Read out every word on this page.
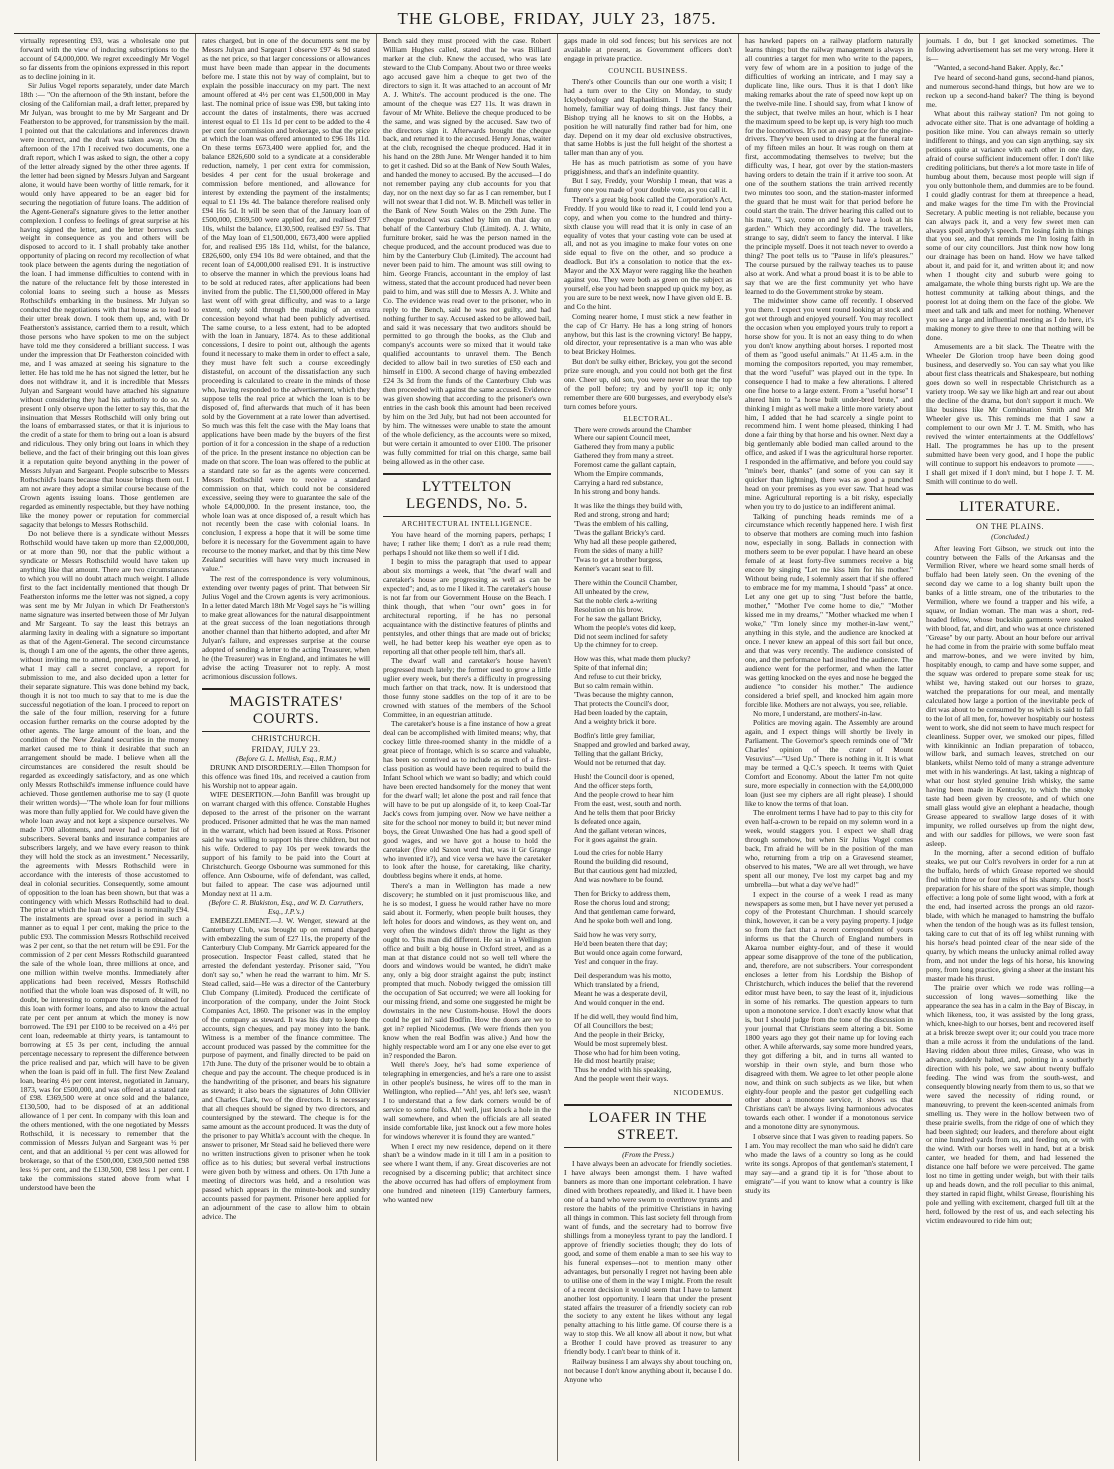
THE GLOBE, FRIDAY, JULY 23, 1875.

virtually representing £93, was a wholesale one put forward with the view of inducing subscriptions to the account of £4,000,000. We regret exceedingly Mr Vogel so far dissents from the opinions expressed in this report as to decline joining in it.

Sir Julius Vogel reports separately, under date March 18th :— "On the afternoon of the 9th instant, before the closing of the Californian mail, a draft letter, prepared by Mr Julyan, was brought to me by Mr Sargeant and Dr Featherston to be approved, for transmission by the mail. I pointed out that the calculations and inferences drawn were incorrect, and the draft was taken away. On the afternoon of the 17th I received two documents, one a draft report, which I was asked to sign, the other a copy of the letter already signed by the other three agents. If the letter had been signed by Messrs Julyan and Sargeant alone, it would have been worthy of little remark, for it would only have appeared to be an eager bid for securing the negotiation of future loans. The addition of the Agent-General's signature gives to the letter another complexion. I confess to feelings of great surprise at his having signed the letter, and the letter borrows such weight in consequence as you and others will be disposed to accord to it. I shall probably take another opportunity of placing on record my recollection of what took place between the agents during the negotiation of the loan. I had immense difficulties to contend with in the nature of the reluctance felt by those interested in colonial loans to seeing such a house as Messrs Rothschild's embarking in the business. Mr Julyan so conducted the negotiations with that house as to lead to their utter break down. I took them up, and, with Dr Featherston's assistance, carried them to a result, which those persons who have spoken to me on the subject have told me they considered a brilliant success. I was under the impression that Dr Featherston coincided with me, and I was amazed at seeing his signature to the letter. He has told me he has not signed the letter, but he does not withdraw it, and it is incredible that Messrs Julyan and Sargeant would have attached his signature without considering they had his authority to do so. At present I only observe upon the letter to say this, that the insinuation that Messrs Rothschild will only bring out the loans of embarrassed states, or that it is injurious to the credit of a state for them to bring out a loan is absurd and ridiculous. They only bring out loans in which they believe, and the fact of their bringing out this loan gives it a reputation quite beyond anything in the power of Messrs Julyan and Sargeant. People subscribe to Messrs Rothschild's loans because that house brings them out. I am not aware they adopt a similar course because of the Crown agents issuing loans. Those gentlemen are regarded as eminently respectable, but they have nothing like the money power or reputation for commercial sagacity that belongs to Messrs Rothschild.

Do not believe there is a syndicate without Messrs Rothschild would have taken up more than £2,000,000, or at more than 90, nor that the public without a syndicate or Messrs Rothschild would have taken up anything like that amount. There are two circumstances to which you will no doubt attach much weight. I allude first to the fact incidentally mentioned that though Dr Featherston informs me the letter was not signed, a copy was sent me by Mr Julyan in which Dr Featherston's name signature was inserted between those of Mr Julyan and Mr Sargeant. To say the least this betrays an alarming laxity in dealing with a signature so important as that of the Agent-General. The second circumstance is, though I am one of the agents, the other three agents, without inviting me to attend, prepared or approved, in what I may call a secret conclave, a report for submission to me, and also decided upon a letter for their separate signature. This was done behind my back, though it is not too much to say that to me is due the successful negotiation of the loan. I proceed to report on the sale of the four million, reserving for a future occasion further remarks on the course adopted by the other agents. The large amount of the loan, and the condition of the New Zealand securities in the money market caused me to think it desirable that such an arrangement should be made. I believe when all the circumstances are considered the result should be regarded as exceedingly satisfactory, and as one which only Messrs Rothschild's immense influence could have achieved. Those gentlemen authorise me to say (I quote their written words)—"The whole loan for four millions was more than fully applied for. We could have given the whole loan away and not kept a sixpence ourselves. We made 1700 allotments, and never had a better list of subscribers. Several banks and insurance companies are subscribers largely, and we have every reason to think they will hold the stock as an investment." Necessarily, the agreements with Messrs Rothschild were in accordance with the interests of those accustomed to deal in colonial securities. Consequently, some amount of opposition to the loan has been shown, but that was a contingency with which Messrs Rothschild had to deal. The price at which the loan was issued is nominally £94. The instalments are spread over a period in such a manner as to equal 1 per cent, making the price to the public £93. The commission Messrs Rothschild received was 2 per cent, so that the net return will be £91. For the commission of 2 per cent Messrs Rothschild guaranteed the sale of the whole loan, three millions at once, and one million within twelve months. Immediately after applications had been received, Messrs Rothschild notified that the whole loan was disposed of. It will, no doubt, be interesting to compare the return obtained for this loan with former loans, and also to know the actual rate per cent per annum at which the money is now borrowed. The £91 per £100 to be received on a 4½ per cent loan, redeemable at thirty years, is tantamount to borrowing at £5 3s per cent, including the annual percentage necessary to represent the difference between the price realised and par, which will have to be given when the loan is paid off in full. The first New Zealand loan, bearing 4½ per cent interest, negotiated in January, 1873, was for £500,000, and was offered at a stated rate of £98. £369,500 were at once sold and the balance, £130,500, had to be disposed of at an additional allowance of 1 per cent. In company with this loan and the others mentioned, with the one negotiated by Messrs Rothschild, it is necessary to remember that the commission of Messrs Julyan and Sargeant was ½ per cent, and that an additional ½ per cent was allowed for brokerage, so that of the £500,000, £369,500 netted £98 less ½ per cent, and the £130,500, £98 less 1 per cent. I take the commissions stated above from what I understood have been the

rates charged, but in one of the documents sent me by Messrs Julyan and Sargeant I observe £97 4s 9d stated as the net price, so that larger concessions or allowances must have been made than appear in the documents before me. I state this not by way of complaint, but to explain the possible inaccuracy on my part. The next amount offered at 4½ per cent was £1,500,000 in May last. The nominal price of issue was £98, but taking into account the dates of instalments, there was accrued interest equal to £1 11s 1d per cent to be added to the 4 per cent for commission and brokerage, so that the price at which the loan was offered amounted to £96 18s 11d. On these terms £673,400 were applied for, and the balance £826,600 sold to a syndicate at a considerable reduction, namely, 1 per cent extra for commission, besides 4 per cent for the usual brokerage and commission before mentioned, and allowance for interest by extending the payment of the instalments; equal to £1 19s 4d. The balance therefore realised only £94 16s 5d. It will be seen that of the January loan of £500,000, £369,500 were applied for, and realised £97 10s, whilst the balance, £130,500, realised £97 5s. That of the May loan of £1,500,000, £673,400 were applied for, and realised £95 18s 11d, whilst, for the balance, £826,600, only £94 10s 8d were obtained, and that the recent loan of £4,000,000 realised £91. It is instructive to observe the manner in which the previous loans had to be sold at reduced rates, after applications had been invited from the public. The £1,500,000 offered in May last went off with great difficulty, and was to a large extent, only sold through the making of an extra concession beyond what had been publicly advertised. The same course, to a less extent, had to be adopted with the loan in January, 1874. As to these additional concessions, I desire to point out, although the agents found it necessary to make them in order to effect a sale, they must have felt such a course exceedingly distasteful, on account of the dissatisfaction any such proceeding is calculated to create in the minds of those who, having responded to the advertisement, which they suppose tells the real price at which the loan is to be disposed of, find afterwards that much of it has been sold by the Government at a rate lower than advertised. So much was this felt the case with the May loans that applications have been made by the buyers of the first portion of it for a concession in the shape of a reduction of the price. In the present instance no objection can be made on that score. The loan was offered to the public at a standard rate so far as the agents were concerned. Messrs Rothschild were to receive a standard commission on that, which could not be considered excessive, seeing they were to guarantee the sale of the whole £4,000,000. In the present instance, too, the whole loan was at once disposed of, a result which has not recently been the case with colonial loans. In conclusion, I express a hope that it will be some time before it is necessary for the Government again to have recourse to the money market, and that by this time New Zealand securities will have very much increased in value."

The rest of the correspondence is very voluminous, extending over twenty pages of print. That between Sir Julius Vogel and the Crown agents is very acrimonious. In a letter dated March 18th Mr Vogel says he "is willing to make great allowances for the natural disappointment at the great success of the loan negotiations through another channel than that hitherto adopted, and after Mr Julyan's failure, and expresses surprise at the course adopted of sending a letter to the acting Treasurer, when he (the Treasurer) was in England, and intimates he will advise the acting Treasurer not to reply. A most acrimonious discussion follows.

MAGISTRATES' COURTS.
CHRISTCHURCH.
FRIDAY, JULY 23.
(Before G. L. Mellish, Esq., R.M.)

DRUNK AND DISORDERLY.—Ellen Thompson for this offence was fined 10s, and received a caution from his Worship not to appear again.

WIFE DESERTION.—John Banfill was brought up on warrant charged with this offence. Constable Hughes deposed to the arrest of the prisoner on the warrant produced. Prisoner admitted that he was the man named in the warrant, which had been issued at Ross. Prisoner said he was willing to support his three children, but not his wife. Ordered to pay 10s per week towards the support of his family to be paid into the Court at Christchurch. George Osbourne was summoned for this offence. Ann Osbourne, wife of defendant, was called, but failed to appear. The case was adjourned until Monday next at 11 a.m.

(Before C. R. Blakiston, Esq., and W. D. Carruthers, Esq., J.P.'s.)

EMBEZZLEMENT.—J. W. Wenger, steward at the Canterbury Club, was brought up on remand charged with embezzling the sum of £27 11s, the property of the Canterbury Club Company. Mr Garrick appeared for the prosecution. Inspector Feast called, stated that he arrested the defendant yesterday. Prisoner said, "You don't say so," when he read the warrant to him. Mr S. Stead called, said—He was a director of the Canterbury Club Company (Limited). Produced the certificate of incorporation of the company, under the Joint Stock Companies Act, 1860. The prisoner was in the employ of the company as steward. It was his duty to keep the accounts, sign cheques, and pay money into the bank. Witness is a member of the finance committee. The account produced was passed by the committee for the purpose of payment, and finally directed to be paid on 17th June. The duty of the prisoner would be to obtain a cheque and pay the account. The cheque produced is in the handwriting of the prisoner, and bears his signature as steward; it also bears the signatures of John Ollivier and Charles Clark, two of the directors. It is necessary that all cheques should be signed by two directors, and countersigned by the steward. The cheque is for the same amount as the account produced. It was the duty of the prisoner to pay Whitla's account with the cheque. In answer to prisoner, Mr Stead said he believed there were no written instructions given to prisoner when he took office as to his duties; but several verbal instructions were given both by witness and others. On 17th June a meeting of directors was held, and a resolution was passed which appears in the minute-book and sundry accounts passed for payment. Prisoner here applied for an adjournment of the case to allow him to obtain advice. The

Bench said they must proceed with the case. Robert William Hughes called, stated that he was Billiard marker at the club. Knew the accused, who was late steward to the Club Company. About two or three weeks ago accused gave him a cheque to get two of the directors to sign it. It was attached to an account of Mr A. J. White's. The account produced is the one. The amount of the cheque was £27 11s. It was drawn in favour of Mr White. Believe the cheque produced to be the same, and was signed by the accused. Saw two of the directors sign it. Afterwards brought the cheque back, and returned it to the accused. Henry Jonas, waiter at the club, recognised the cheque produced. Had it in his hand on the 28th June. Mr Wenger handed it to him to get it cashed. Did so at the Bank of New South Wales, and handed the money to accused. By the accused—I do not remember paying any club accounts for you that day, nor on the next day so far as I can remember, but I will not swear that I did not. W. B. Mitchell was teller in the Bank of New South Wales on the 29th June. The cheque produced was cashed by him on that day on behalf of the Canterbury Club (Limited). A. J. White, furniture broker, said he was the person named in the cheque produced, and the account produced was due to him by the Canterbury Club (Limited). The account had never been paid to him. The amount was still owing to him. George Francis, accountant in the employ of last witness, stated that the account produced had never been paid to him, and was still due to Messrs A. J. White and Co. The evidence was read over to the prisoner, who in reply to the Bench, said he was not guilty, and had nothing further to say. Accused asked to be allowed bail, and said it was necessary that two auditors should be permitted to go through the books, as the Club and company's accounts were so mixed that it would take qualified accountants to unravel them. The Bench decided to allow bail in two sureties of £50 each and himself in £100. A second charge of having embezzled £24 3s 3d from the funds of the Canterbury Club was then proceeded with against the same accused. Evidence was given showing that according to the prisoner's own entries in the cash book this amount had been received by him on the 3rd July, but had not been accounted for by him. The witnesses were unable to state the amount of the whole deficiency, as the accounts were so mixed, but were certain it amounted to over £100. The prisoner was fully committed for trial on this charge, same bail being allowed as in the other case.

LYTTELTON LEGENDS, No. 5.
ARCHITECTURAL INTELLIGENCE.

You have heard of the morning papers, perhaps; I have; I rather like them; I don't as a rule read them; perhaps I should not like them so well if I did.

I begin to miss the paragraph that used to appear about six mornings a week, that "the dwarf wall and caretaker's house are progressing as well as can be expected"; and, as to me I liked it. The caretaker's house is not far from our Government House on the Beach. I think though, that when "our own" goes in for architectural reporting, if he has no personal acquaintance with the distinctive features of plinths and pentstyles, and other things that are made out of bricks; well, he had better keep his weather eye open as to reporting all that other people tell him, that's all.

The dwarf wall and caretaker's house haven't progressed much lately; the former used to grow a little uglier every week, but there's a difficulty in progressing much farther on that track, now. It is understood that those funny stone saddles on the top of it are to be crowned with statues of the members of the School Committee, in an equestrian attitude.

The caretaker's house is a fine instance of how a great deal can be accomplished with limited means; why, that cockey little three-roomed shanty in the middle of a great piece of frontage, which is so scarce and valuable, has been so contrived as to include as much of a first-class position as would have been required to build the Infant School which we want so badly; and which could have been erected handsomely for the money that went for the dwarf wall; let alone the post and rail fence that will have to be put up alongside of it, to keep Coal-Tar Jack's cows from jumping over. Now we have neither a site for the school nor money to build it; but never mind boys, the Great Unwashed One has had a good spell of good wages, and we have got a house to hold the caretaker (five old Saxon word that, was it Gr Grange who invented it?), and vice versa we have the caretaker to look after the house, for caretaking, like charity, doubtless begins where it ends, at home.

There's a man in Wellington has made a new discovery; he stumbled on it just promiscuous like, and he is so modest, I guess he would rather have no more said about it. Formerly, when people built houses, they left holes for doors and windows, as they went on, and very often the windows didn't throw the light as they ought to. This man did different. He sat in a Wellington office and built a big house in Oxford street, and as a man at that distance could not so well tell where the doors and windows would be wanted, he didn't make any, only a big door straight against the pub; instinct prompted that much. Nobody twigged the omission till the occupation of Sat occurred; we were all looking for our missing friend, and some one suggested he might be downstairs in the new Custom-house. Howl the doors could he get in? said Bodfin. How the doors are we to get in? replied Nicodemus. (We were friends then you know when the real Bodfin was alive.) And how the highly respectable word am I or any one else ever to get in? responded the Baron.

Well there's Joey, he's had some experience of telegraphing in emergencies, and he's a rare one to assist in other people's business, he wires off to the man in Wellington, who replied—"Ah! yes, ah! let's see, wasn't I to understand that a few dark corners would be of service to some folks. Ah! well, just knock a hole in the wall somewhere, and when the officials are all seated inside comfortable like, just knock out a few more holes for windows wherever it is found they are wanted."

When I erect my new residence, depend on it there shan't be a window made in it till I am in a position to see where I want them, if any. Great discoveries are not recognised by a discerning public; that architect since the above occurred has had offers of employment from one hundred and nineteen (119) Canterbury farmers, who wanted new

gaps made in old sod fences; but his services are not available at present, as Government officers don't engage in private practice.

COUNCIL BUSINESS.

There's other Councils than our one worth a visit; I had a turn over to the City on Monday, to study Ickybodyology and Raphaelitism. I like the Stand, homely, familiar way of doing things. Just fancy their Bishop trying all he knows to sit on the Hobbs, a position he will naturally find rather bad for him, one day. Depend on it my dear old exclusive obstructives, that same Hobbs is just the full height of the shortest a taller man than any of you.

He has as much patriotism as some of you have priggishness, and that's an indefinite quantity.

But I say, Freddy, your Worship I mean, that was a funny one you made of your double vote, as you call it.

There's a great big book called the Corporation's Act, Freddy. If you would like to read it, I could lend you a copy, and when you come to the hundred and thirty-sixth clause you will read that it is only in case of an equality of votes that your casting vote can be used at all, and not as you imagine to make four votes on one side equal to five on the other, and so produce a deadlock. But it's a consolation to notice that the ex-Mayor and the XX Mayor were ragging like the heathen against you. They were both as green on the subject as yourself, else you had been snapped up quick my boy, as you are sure to be next week, now I have given old E. B. and Co the hint.

Coming nearer home, I must stick a new feather in the cap of Cr Harry. He has a long string of honors anyhow, but this last is the crowning victory! Be happy, old director, your representative is a man who was able to beat Brickey Holmes.

But don't be sulky either, Brickey, you got the second prize sure enough, and you could not both get the first one. Cheer up, old son, you were never so near the top of the poll before; try and by you'll top it; only remember there are 600 burgesses, and everybody else's turn comes before yours.

ELECTORAL.
There were crowds around the Chamber
Where our sapient Council meet,
Gathered they from many a public
Gathered they from many a street.
Foremost came the gallant captain,
Whom the Empire commands,
Carrying a hard red substance,
In his strong and bony hands.
It was like the things they build with,
Red and strong, strong and hard;
'Twas the emblem of his calling,
'Twas the gallant Bricky's card.
Why had all these people gathered,
From the sides of many a hill?
'Twas to get a brother burgess,
Kenner's vacant seat to fill.
There within the Council Chamber,
All unheated by the crew,
Sat the noble clerk a-writing
Resolution on his brow.
For he saw the gallant Bricky,
Whom the people's votes did keep,
Did not seem inclined for safety
Up the chimney for to creep.
How was this, what made them plucky?
Spite of that infernal din;
And refuse to cut their bricky,
But so calm remain within.
'Twas because the mighty cannon,
That protects the Council's door,
Had been loaded by the captain,
And a weighty brick it bore.
Bodfin's little grey familiar,
Snapped and growled and barked away,
Telling that the gallant Bricky,
Would not be returned that day.
Hush! the Council door is opened,
And the officer steps forth,
And the people crowd to hear him
From the east, west, south and north.
And he tells them that poor Bricky
Is defeated once again,
And the gallant veteran winces,
For it goes against the grain.
Loud the cries for noble Harry
Round the building did resound,
But that cautious gent had mizzled,
And was nowhere to be found.
Then for Bricky to address them,
Rose the chorus loud and strong;
And that gentleman came forward,
And he spoke both well and long.
Said how he was very sorry,
He'd been beaten there that day;
But would once again come forward,
Yes! and conquer in the fray.
Deil desperandum was his motto,
Which translated by a friend,
Meant he was a desperate devil,
And would conquer in the end.
If he did well, they would find him,
Of all Councillors the best;
And the people in their Bricky,
Would be most supremely blest.
Those who had for him been voting,
He did most heartily praise;
Thus he ended with his speaking,
And the people went their ways.
NICODEMUS.
LOAFER IN THE STREET.
(From the Press.)

I have always been an advocate for friendly societies. I have always been amongst them. I have wafted banners as more than one important celebration. I have dined with brothers repeatedly, and liked it. I have been one of a band who were sworn to overthrow tyrants and restore the habits of the primitive Christians in having all things in common. This last society fell through from want of funds, and the secretary had to borrow five shillings from a moneyless tyrant to pay the landlord. I approve of friendly societies though; they do lots of good, and some of them enable a man to see his way to his funeral expenses—not to mention many other advantages, but personally I regret not having been able to utilise one of them in the way I might. From the result of a recent decision it would seem that I have to lament another lost opportunity. I learn that under the present stated affairs the treasurer of a friendly society can rob the society to any extent he likes without any legal penalty attaching to his little game. Of course there is a way to stop this. We all know all about it now, but what a Brother I could have proved as treasurer to any friendly body. I can't bear to think of it.

Railway business I am always shy about touching on, not because I don't know anything about it, because I do. Anyone who

has hawked papers on a railway platform naturally learns things; but the railway management is always in all countries a target for men who write to the papers, very few of whom are in a position to judge of the difficulties of working an intricate, and I may say a duplicate line, like ours. Thus it is that I don't like making remarks about the rate of speed now kept up on the twelve-mile line. I should say, from what I know of the subject, that twelve miles an hour, which is I hear the maximum speed to be kept up, is very high too much for the locomotives. It's not an easy pace for the engine-drivers. They've been used to driving at the funeral rate of my fifteen miles an hour. It was rough on them at first, accommodating themselves to twelve; but the difficulty was, I hear, got over by the station-masters having orders to detain the train if it arrive too soon. At one of the southern stations the train arrived recently two minutes too soon, and the station-master informed the guard that he must wait for that period before he could start the train. The driver hearing this called out to his mate, "I say, come on and let's have a look at his garden." Which they accordingly did. The travellers, strange to say, didn't seem to fancy the interval. I like the principle myself. Does it not teach never to overdo a thing? The poet tells us to "Pause in life's pleasures." The course pursued by the railway teaches us to pause also at work. And what a proud boast it is to be able to say that we are the first community yet who have learned to do the Government stroke by steam.

The midwinter show came off recently. I observed you there. I expect you went round looking at stock and got wet through and enjoyed yourself. You may recollect the occasion when you employed yours truly to report a horse show for you. It is not an easy thing to do when you don't know anything about horses. I reported most of them as "good useful animals." At 11.45 a.m. in the morning the compositors reported, you may remember, that the word "useful" was played out in the type. In consequence I had to make a few alterations. I altered one fine horse to a large extent. From a "useful horse" I altered him to "a horse built under-bred brute," and thinking I might as well make a little more variety about him, I added that he had scarcely a single point to recommend him. I went home pleased, thinking I had done a fair thing by that horse and his owner. Next day a big gentlemanly able bodied man called around to the office, and asked if I was the agricultural horse reporter. I responded in the affirmative, and before you could say "mine's beer, thanks" (and some of you can say it quicker than lightning), there was as good a punched head on your premises as you ever saw. That head was mine. Agricultural reporting is a bit risky, especially when you try to do justice to an indifferent animal.

Talking of punching heads reminds me of a circumstance which recently happened here. I wish first to observe that mothers are coming much into fashion now, especially in song. Ballads in connection with mothers seem to be ever popular. I have heard an obese female of at least forty-five summers receive a big encore by singing "Let me kiss him for his mother." Without being rude, I solemnly assert that if she offered to embrace me for my mamma, I should "pass" at once. Let any one get up to sing "Just before the battle, mother," "Mother I've come home to die," "Mother kissed me in my dreams," "Mother whacked me when I woke," "I'm lonely since my mother-in-law went," anything in this style, and the audience are knocked at once. I never knew an appeal of this sort fail but once, and that was very recently. The audience consisted of one, and the performance had insulted the audience. The audience went for the performer, and when the latter was getting knocked on the eyes and nose he begged the audience "to consider his mother." The audience considered a brief spell, and knocked him again more forcible like. Mothers are not always, you see, reliable.

No more, I understand, are mothers'-in-law.

Politics are moving again. The Assembly are around again, and I expect things will shortly be lively in Parliament. The Governor's speech reminds one of "Mr Charles' opinion of the crater of Mount Vesuvius"—"Used Up." There is nothing in it. It is what may be termed a Q.C.'s speech. It teems with Quiet Comfort and Economy. About the latter I'm not quite sure, more especially in connection with the £4,000,000 loan (just see my ciphers are all right please). I should like to know the terms of that loan.

The enrolment terms I have had to pay to this city for even half-a-crown to be repaid on my solemn word in a week, would staggers you. I expect we shall drag through somehow, but when Sir Julius Vogel comes back, I'm afraid he will be in the position of the man who, returning from a trip on a Gravesend steamer, observed to his mates, "We are all wet through, we have spent all our money, I've lost my carpet bag and my umbrella—but what a day we've had!"

I expect in the course of a week I read as many newspapers as some men, but I have never yet perused a copy of the Protestant Churchman. I should scarcely think, however, it can be a very paying property. I judge so from the fact that a recent correspondent of yours informs us that the Church of England numbers in Akaroa number eighty-four, and of these it would appear some disapprove of the tone of the publication, and, therefore, are not subscribers. Your correspondent encloses a letter from his Lordship the Bishop of Christchurch, which induces the belief that the reverend editor must have been, to say the least of it, injudicious in some of his remarks. The question appears to turn upon a monotone service. I don't exactly know what that is, but I should judge from the tone of the discussion in your journal that Christians seem altering a bit. Some 1800 years ago they got their name up for loving each other. A while afterwards, say some more hundred years, they got differing a bit, and in turns all wanted to worship in their own style, and burn those who disagreed with them. We agree to let other people alone now, and think on such subjects as we like, but when eighty-four people and the pastor get cudgelling each other about a monotone service, it shows us that Christians can't be always living harmonious advocates towards each other. I wonder if a monotonous service and a monotone ditty are synonymous.

I observe since that I was given to reading papers. So I am. You may recollect the man who said he didn't care who made the laws of a country so long as he could write its songs. Apropos of that gentleman's statement, I may say—and a grand tip it is for "those about to emigrate"—if you want to know what a country is like study its

journals. I do, but I get knocked sometimes. The following advertisement has set me very wrong. Here it is—

"Wanted, a second-hand Baker. Apply, &c."

I've heard of second-hand guns, second-hand pianos, and numerous second-hand things, but how are we to reckon up a second-hand baker? The thing is beyond me.

What about this railway station? I'm not going to advocate either site. That is one advantage of holding a position like mine. You can always remain so utterly indifferent to things, and you can sign anything, say six petitions quite at variance with each other in one day, afraid of course sufficient inducement offer. I don't like crediting politicians, but there's a lot more taste in life of humbug about them, because most people will sign if you only buttonhole them, and dummies are to be found. I could gladly contrast for them at threepence a head, and make wages for the time I'm with the Provincial Secretary. A public meeting is not reliable, because you can always pack it, and a very few sweet men can always spoil anybody's speech. I'm losing faith in things that you see, and that reminds me I'm losing faith in some of our city councillors. Just think now how long our drainage has been on hand. How we have talked about it, and paid for it, and written about it; and now when I thought city and suburb were going to amalgamate, the whole thing bursts right up. We are the hottest community at talking about things, and the poorest lot at doing them on the face of the globe. We meet and talk and talk and meet for nothing. Whenever you see a large and influential meeting as I do here, it's making money to give three to one that nothing will be done.

Amusements are a bit slack. The Theatre with the Wheeler De Glorion troop have been doing good business, and deservedly so. You can say what you like about first class theatricals and Shakespeare, but nothing goes down so well in respectable Christchurch as a variety troop. We say we like high art and rear out about the decline of the drama, but don't support it much. We like business like Mr Combination Smith and Mr Wheeler give us. This reminds me that I saw a complement to our own Mr J. T. M. Smith, who has revived the winter entertainments at the Oddfellows' Hall. The programmes he has up to the present submitted have been very good, and I hope the public will continue to support his endeavors to promote ——. I shall get mixed if I don't mind, but I hope J. T. M. Smith will continue to do well.

LITERATURE.
ON THE PLAINS.
(Concluded.)

After leaving Fort Gibson, we struck out into the country between the Falls of the Arkansas and the Vermilion River, where we heard some small herds of buffalo had been lately seen. On the evening of the second day we came to a log shanty built upon the banks of a little stream, one of the tributaries to the Vermilion, where we found a trapper and his wife, a squaw, or Indian woman. The man was a short, red-headed fellow, whose buckskin garments were soaked with blood, fat, and dirt, and who was at once christened "Grease" by our party. About an hour before our arrival he had come in from the prairie with some buffalo meat and marrow-bones, and we were invited by him, hospitably enough, to camp and have some supper, and the squaw was ordered to prepare some steak for us; whilst we, having staked out our horses to graze, watched the preparations for our meal, and mentally calculated how large a portion of the inevitable peck of dirt was about to be consumed by us which is said to fall to the lot of all men, for, however hospitably our hostess went to work, she did not seem to have much respect for cleanliness. Supper over, we smoked our pipes, filled with kinnikinnic an Indian preparation of tobacco, willow bark, and sumach leaves, stretched on our blankets, whilst Nemo told of many a strange adventure met with in his wanderings. At last, taking a nightcap of what our host styled genuine Irish whisky, the same having been made in Kentucky, to which the smoky taste had been given by creosote, and of which one small glass would give an elephant a headache, though Grease appeared to swallow large doses of it with impunity, we rolled ourselves up from the night dew, and with our saddles for pillows, we were soon fast asleep.

In the morning, after a second edition of buffalo steaks, we put our Colt's revolvers in order for a run at the buffalo, herds of which Grease reported we should find within three or four miles of his shanty. Our host's preparation for his share of the sport was simple, though effective: a long pole of some light wood, with a fork at the end, had inserted across the prongs an old razor-blade, with which he managed to hamstring the buffalo when the tendon of the hough was as its fullest tension, taking care to cut that of its off leg whilst running with his horse's head pointed clear of the near side of the quarry, by which means the unlucky animal rolled away from, and not under the legs of his horse, his knowing pony, from long practice, giving a sheer at the instant his master made his thrust.

The prairie over which we rode was rolling—a succession of long waves—something like the appearance the sea has in a calm in the Bay of Biscay, in which likeness, too, it was assisted by the long grass, which, knee-high to our horses, bent and recovered itself at a brisk breeze swept over it; our could you trace more than a mile across it from the undulations of the land. Having ridden about three miles, Grease, who was in advance, suddenly halted, and, pointing in a southerly direction with his pole, we saw about twenty buffalo feeding. The wind was from the south-west, and consequently blowing nearly from them to us, so that we were saved the necessity of riding round, or manœuvring, to prevent the keen-scented animals from smelling us. They were in the hollow between two of these prairie swells, from the ridge of one of which they had been sighted; our leaders, and therefore about eight or nine hundred yards from us, and feeding on, or with the wind. With our horses well in hand, but at a brisk canter, we headed for them, and had lessened the distance one half before we were perceived. The game lost no time in getting under weigh, but with their tails up and heads down, and the roll peculiar to this animal, they started in rapid flight, whilst Grease, flourishing his pole and yelling with excitement, charged full tilt at the herd, followed by the rest of us, and each selecting his victim endeavoured to ride him out;
